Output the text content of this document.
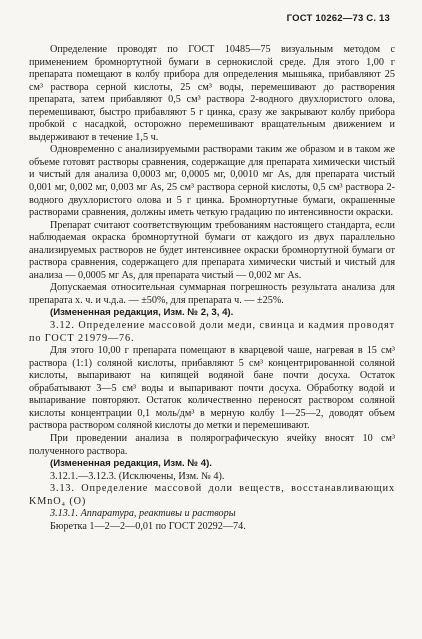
ГОСТ 10262—73 С. 13

Определение проводят по ГОСТ 10485—75 визуальным методом с применением бромнортутной бумаги в сернокислой среде. Для этого 1,00 г препарата помещают в колбу прибора для определения мышьяка, прибавляют 25 см³ раствора серной кислоты, 25 см³ воды, перемешивают до растворения препарата, затем прибавляют 0,5 см³ раствора 2-водного двухлористого олова, перемешивают, быстро прибавляют 5 г цинка, сразу же закрывают колбу прибора пробкой с насадкой, осторожно перемешивают вращательным движением и выдерживают в течение 1,5 ч.

Одновременно с анализируемыми растворами таким же образом и в таком же объеме готовят растворы сравнения, содержащие для препарата химически чистый и чистый для анализа 0,0003 мг, 0,0005 мг, 0,0010 мг As, для препарата чистый 0,001 мг, 0,002 мг, 0,003 мг As, 25 см³ раствора серной кислоты, 0,5 см³ раствора 2-водного двухлористого олова и 5 г цинка. Бромнортутные бумаги, окрашенные растворами сравнения, должны иметь четкую градацию по интенсивности окраски.

Препарат считают соответствующим требованиям настоящего стандарта, если наблюдаемая окраска бромнортутной бумаги от каждого из двух параллельно анализируемых растворов не будет интенсивнее окраски бромнортутной бумаги от раствора сравнения, содержащего для препарата химически чистый и чистый для анализа — 0,0005 мг As, для препарата чистый — 0,002 мг As.

Допускаемая относительная суммарная погрешность результата анализа для препарата х. ч. и ч.д.а. — ±50%, для препарата ч. — ±25%.

(Измененная редакция, Изм. № 2, 3, 4).

3.12. Определение массовой доли меди, свинца и кадмия проводят по ГОСТ 21979—76.

Для этого 10,00 г препарата помещают в кварцевой чаше, нагревая в 15 см³ раствора (1:1) соляной кислоты, прибавляют 5 см³ концентрированной соляной кислоты, выпаривают на кипящей водяной бане почти досуха. Остаток обрабатывают 3—5 см³ воды и выпаривают почти досуха. Обработку водой и выпаривание повторяют. Остаток количественно переносят раствором соляной кислоты концентрации 0,1 моль/дм³ в мерную колбу 1—25—2, доводят объем раствора раствором соляной кислоты до метки и перемешивают.

При проведении анализа в полярографическую ячейку вносят 10 см³ полученного раствора.

(Измененная редакция, Изм. № 4).

3.12.1.—3.12.3. (Исключены, Изм. № 4).

3.13. Определение массовой доли веществ, восстанавливающих KMnO₄ (O)

3.13.1. Аппаратура, реактивы и растворы

Бюретка 1—2—2—0,01 по ГОСТ 20292—74.
